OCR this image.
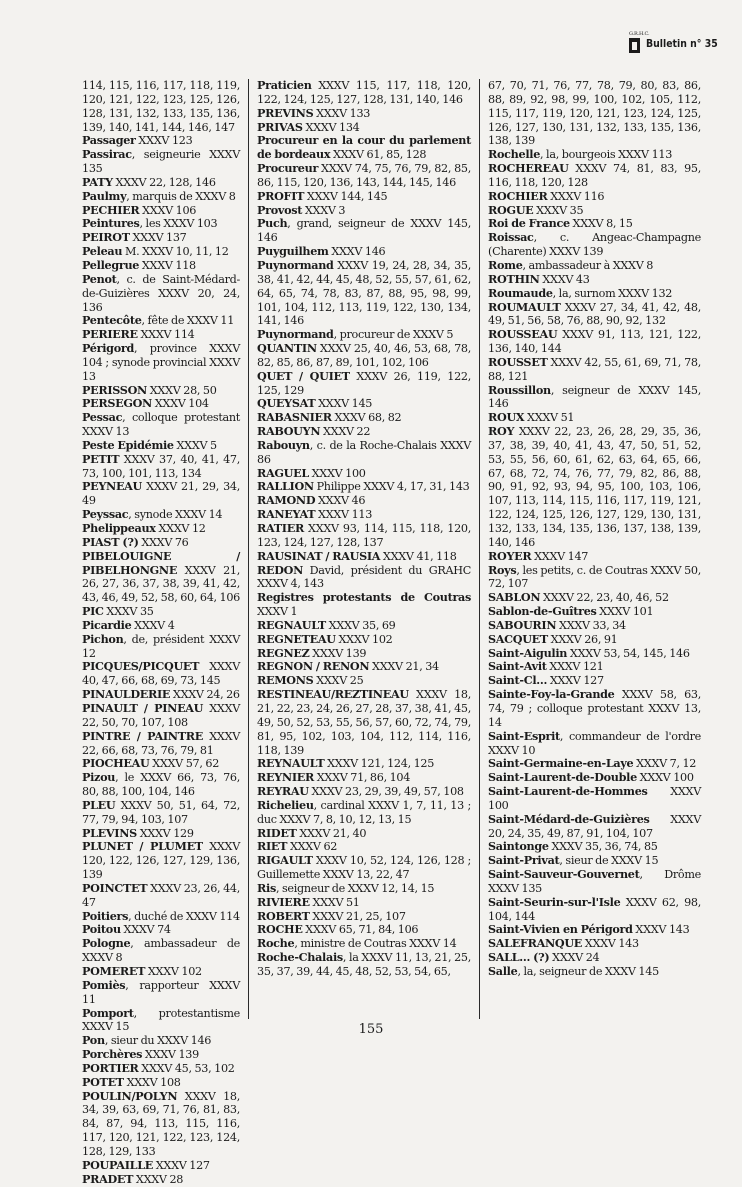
G.R.H.C.
Bulletin n° 35

114, 115, 116, 117, 118, 119, 120, 121, 122, 123, 125, 126, 128, 131, 132, 133, 135, 136, 139, 140, 141, 144, 146, 147

Passager XXXV 123

Passirac, seigneurie XXXV 135

PATY XXXV 22, 128, 146

Paulmy, marquis de XXXV 8

PECHIER XXXV 106

Peintures, les XXXV 103

PEIROT XXXV 137

Peleau M. XXXV 10, 11, 12

Pellegrue XXXV 118

Penot, c. de Saint-Médard-de-Guizières XXXV 20, 24, 136

Pentecôte, fête de XXXV 11

PERIERE XXXV 114

Périgord, province XXXV 104 ; synode provincial XXXV 13

PERISSON XXXV 28, 50

PERSEGON XXXV 104

Pessac, colloque protestant XXXV 13

Peste Epidémie XXXV 5

PETIT XXXV 37, 40, 41, 47, 73, 100, 101, 113, 134

PEYNEAU XXXV 21, 29, 34, 49

Peyssac, synode XXXV 14

Phelippeaux XXXV 12

PIAST (?) XXXV 76

PIBELOUIGNE / PIBELHONGNE XXXV 21, 26, 27, 36, 37, 38, 39, 41, 42, 43, 46, 49, 52, 58, 60, 64, 106

PIC XXXV 35

Picardie XXXV 4

Pichon, de, président XXXV 12

PICQUES/PICQUET XXXV 40, 47, 66, 68, 69, 73, 145

PINAULDERIE XXXV 24, 26

PINAULT / PINEAU XXXV 22, 50, 70, 107, 108

PINTRE / PAINTRE XXXV 22, 66, 68, 73, 76, 79, 81

PIOCHEAU XXXV 57, 62

Pizou, le XXXV 66, 73, 76, 80, 88, 100, 104, 146

PLEU XXXV 50, 51, 64, 72, 77, 79, 94, 103, 107

PLEVINS XXXV 129

PLUNET / PLUMET XXXV 120, 122, 126, 127, 129, 136, 139

POINCTET XXXV 23, 26, 44, 47

Poitiers, duché de XXXV 114

Poitou XXXV 74

Pologne, ambassadeur de XXXV 8

POMERET XXXV 102

Pomiès, rapporteur XXXV 11

Pomport, protestantisme XXXV 15

Pon, sieur du XXXV 146

Porchères XXXV 139

PORTIER XXXV 45, 53, 102

POTET XXXV 108

POULIN/POLYN XXXV 18, 34, 39, 63, 69, 71, 76, 81, 83, 84, 87, 94, 113, 115, 116, 117, 120, 121, 122, 123, 124, 128, 129, 133

POUPAILLE XXXV 127

PRADET XXXV 28

Praticien XXXV 115, 117, 118, 120, 122, 124, 125, 127, 128, 131, 140, 146

PREVINS XXXV 133

PRIVAS XXXV 134

Procureur en la cour du parlement de bordeaux XXXV 61, 85, 128

Procureur XXXV 74, 75, 76, 79, 82, 85, 86, 115, 120, 136, 143, 144, 145, 146

PROFIT XXXV 144, 145

Provost XXXV 3

Puch, grand, seigneur de XXXV 145, 146

Puyguilhem XXXV 146

Puynormand XXXV 19, 24, 28, 34, 35, 38, 41, 42, 44, 45, 48, 52, 55, 57, 61, 62, 64, 65, 74, 78, 83, 87, 88, 95, 98, 99, 101, 104, 112, 113, 119, 122, 130, 134, 141, 146

Puynormand, procureur de XXXV 5

QUANTIN XXXV 25, 40, 46, 53, 68, 78, 82, 85, 86, 87, 89, 101, 102, 106

QUET / QUIET XXXV 26, 119, 122, 125, 129

QUEYSAT XXXV 145

RABASNIER XXXV 68, 82

RABOUYN XXXV 22

Rabouyn, c. de la Roche-Chalais XXXV 86

RAGUEL XXXV 100

RALLION Philippe XXXV 4, 17, 31, 143

RAMOND XXXV 46

RANEYAT XXXV 113

RATIER XXXV 93, 114, 115, 118, 120, 123, 124, 127, 128, 137

RAUSINAT / RAUSIA XXXV 41, 118

REDON David, président du GRAHC XXXV 4, 143

Registres protestants de Coutras XXXV 1

REGNAULT XXXV 35, 69

REGNETEAU XXXV 102

REGNEZ XXXV 139

REGNON / RENON XXXV 21, 34

REMONS XXXV 25

RESTINEAU/REZTINEAU XXXV 18, 21, 22, 23, 24, 26, 27, 28, 37, 38, 41, 45, 49, 50, 52, 53, 55, 56, 57, 60, 72, 74, 79, 81, 95, 102, 103, 104, 112, 114, 116, 118, 139

REYNAULT XXXV 121, 124, 125

REYNIER XXXV 71, 86, 104

REYRAU XXXV 23, 29, 39, 49, 57, 108

Richelieu, cardinal XXXV 1, 7, 11, 13 ; duc XXXV 7, 8, 10, 12, 13, 15

RIDET XXXV 21, 40

RIET XXXV 62

RIGAULT XXXV 10, 52, 124, 126, 128 ; Guillemette XXXV 13, 22, 47

Ris, seigneur de XXXV 12, 14, 15

RIVIERE XXXV 51

ROBERT XXXV 21, 25, 107

ROCHE XXXV 65, 71, 84, 106

Roche, ministre de Coutras XXXV 14

Roche-Chalais, la XXXV 11, 13, 21, 25, 35, 37, 39, 44, 45, 48, 52, 53, 54, 65,

67, 70, 71, 76, 77, 78, 79, 80, 83, 86, 88, 89, 92, 98, 99, 100, 102, 105, 112, 115, 117, 119, 120, 121, 123, 124, 125, 126, 127, 130, 131, 132, 133, 135, 136, 138, 139

Rochelle, la, bourgeois XXXV 113

ROCHEREAU XXXV 74, 81, 83, 95, 116, 118, 120, 128

ROCHIER XXXV 116

ROGUE XXXV 35

Roi de France XXXV 8, 15

Roissac, c. Angeac-Champagne (Charente) XXXV 139

Rome, ambassadeur à XXXV 8

ROTHIN XXXV 43

Roumaude, la, surnom XXXV 132

ROUMAULT XXXV 27, 34, 41, 42, 48, 49, 51, 56, 58, 76, 88, 90, 92, 132

ROUSSEAU XXXV 91, 113, 121, 122, 136, 140, 144

ROUSSET XXXV 42, 55, 61, 69, 71, 78, 88, 121

Roussillon, seigneur de XXXV 145, 146

ROUX XXXV 51

ROY XXXV 22, 23, 26, 28, 29, 35, 36, 37, 38, 39, 40, 41, 43, 47, 50, 51, 52, 53, 55, 56, 60, 61, 62, 63, 64, 65, 66, 67, 68, 72, 74, 76, 77, 79, 82, 86, 88, 90, 91, 92, 93, 94, 95, 100, 103, 106, 107, 113, 114, 115, 116, 117, 119, 121, 122, 124, 125, 126, 127, 129, 130, 131, 132, 133, 134, 135, 136, 137, 138, 139, 140, 146

ROYER XXXV 147

Roys, les petits, c. de Coutras XXXV 50, 72, 107

SABLON XXXV 22, 23, 40, 46, 52

Sablon-de-Guîtres XXXV 101

SABOURIN XXXV 33, 34

SACQUET XXXV 26, 91

Saint-Aigulin XXXV 53, 54, 145, 146

Saint-Avit XXXV 121

Saint-Cl... XXXV 127

Sainte-Foy-la-Grande XXXV 58, 63, 74, 79 ; colloque protestant XXXV 13, 14

Saint-Esprit, commandeur de l'ordre XXXV 10

Saint-Germaine-en-Laye XXXV 7, 12

Saint-Laurent-de-Double XXXV 100

Saint-Laurent-de-Hommes XXXV 100

Saint-Médard-de-Guizières XXXV 20, 24, 35, 49, 87, 91, 104, 107

Saintonge XXXV 35, 36, 74, 85

Saint-Privat, sieur de XXXV 15

Saint-Sauveur-Gouvernet, Drôme XXXV 135

Saint-Seurin-sur-l'Isle XXXV 62, 98, 104, 144

Saint-Vivien en Périgord XXXV 143

SALEFRANQUE XXXV 143

SALL... (?) XXXV 24

Salle, la, seigneur de XXXV 145

155
